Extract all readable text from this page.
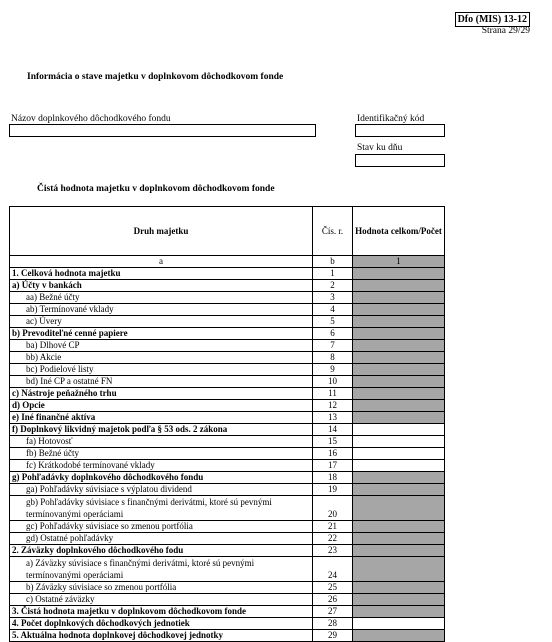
Dfo (MIS) 13-12
Strana 29/29
Informácia o stave majetku v doplnkovom dôchodkovom fonde
Názov doplnkového dôchodkového fondu	Identifikačný kód
Stav ku dňu
Čistá hodnota majetku v doplnkovom dôchodkovom fonde
Druh majetku	Čís. r.	Hodnota celkom/Počet
a	b	1
1. Celková hodnota majetku	1	
a) Účty v bankách	2	
aa) Bežné účty	3	
ab) Termínované vklady	4	
ac) Úvery	5	
b) Prevoditeľné cenné papiere	6	
ba) Dlhové CP	7	
bb) Akcie	8	
bc) Podielové listy	9	
bd) Iné CP a ostatné FN	10	
c) Nástroje peňažného trhu	11	
d) Opcie	12	
e) Iné finančné aktíva	13	
f) Doplnkový likvidný majetok podľa § 53 ods. 2 zákona	14	
fa) Hotovosť	15	
fb) Bežné účty	16	
fc) Krátkodobé termínované vklady	17	
g) Pohľadávky doplnkového dôchodkového fondu	18	
ga) Pohľadávky súvisiace s výplatou dividend	19	
gb) Pohľadávky súvisiace s finančnými derivátmi, ktoré sú pevnými termínovanými operáciami	20	
gc) Pohľadávky súvisiace so zmenou portfólia	21	
gd) Ostatné pohľadávky	22	
2. Záväzky doplnkového dôchodkového fodu	23	
a) Záväzky súvisiace s finančnými derivátmi, ktoré sú pevnými termínovanými operáciami	24	
b) Záväzky súvisiace so zmenou portfólia	25	
c) Ostatné záväzky	26	
3. Čistá hodnota majetku v doplnkovom dôchodkovom fonde	27	
4. Počet doplnkových dôchodkových jednotiek	28	
5. Aktuálna hodnota doplnkovej dôchodkovej jednotky	29	
